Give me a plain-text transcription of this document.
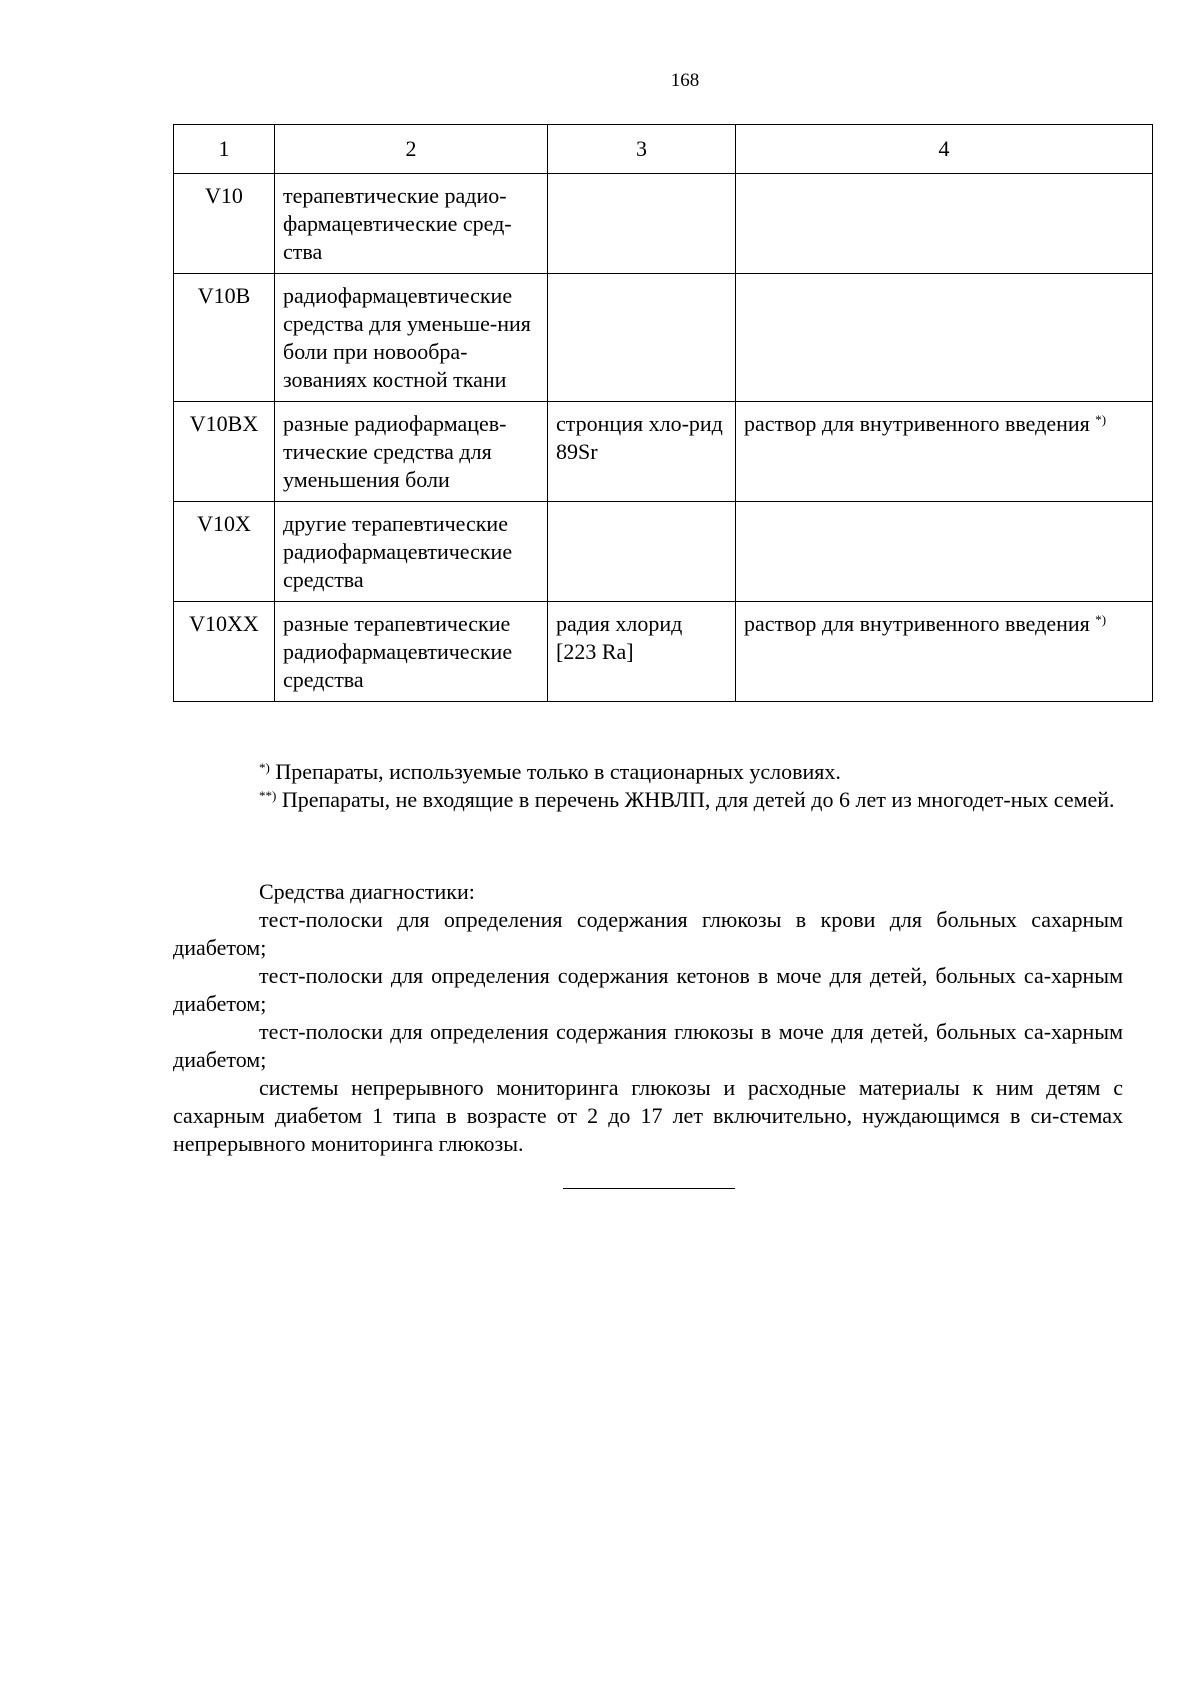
168
1	2	3	4
V10	терапевтические радио-фармацевтические сред-ства		
V10B	радиофармацевтические средства для уменьше-ния боли при новообра-зованиях костной ткани		
V10BX	разные радиофармацев-тические средства для уменьшения боли	стронция хло-рид 89Sr	раствор для внутривенного введения *)
V10X	другие терапевтические радиофармацевтические средства		
V10XX	разные терапевтические радиофармацевтические средства	радия хлорид [223 Ra]	раствор для внутривенного введения *)

*) Препараты, используемые только в стационарных условиях.

**) Препараты, не входящие в перечень ЖНВЛП, для детей до 6 лет из многодет-ных семей.

Средства диагностики:

тест-полоски для определения содержания глюкозы в крови для больных сахарным диабетом;

тест-полоски для определения содержания кетонов в моче для детей, больных са-харным диабетом;

тест-полоски для определения содержания глюкозы в моче для детей, больных са-харным диабетом;

системы непрерывного мониторинга глюкозы и расходные материалы к ним детям с сахарным диабетом 1 типа в возрасте от 2 до 17 лет включительно, нуждающимся в си-стемах непрерывного мониторинга глюкозы.
